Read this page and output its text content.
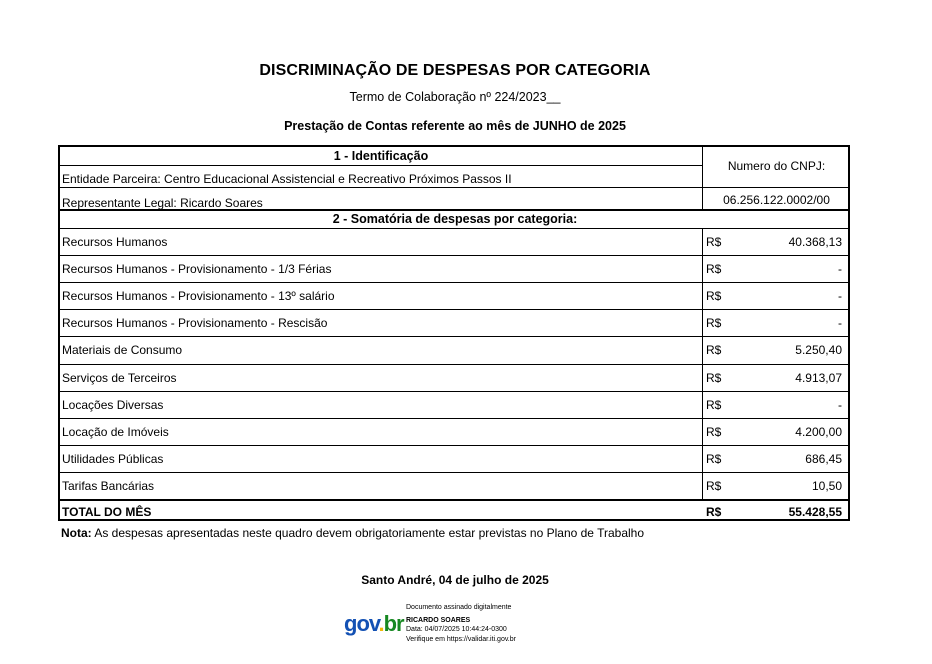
DISCRIMINAÇÃO DE DESPESAS POR CATEGORIA
Termo de Colaboração nº 224/2023__
Prestação de Contas referente ao mês de JUNHO de 2025
1 - Identificação
Entidade Parceira: Centro Educacional Assistencial e Recreativo Próximos Passos II
Representante Legal: Ricardo Soares
Numero do CNPJ:
06.256.122.0002/00
2 - Somatória de despesas por categoria:
Recursos Humanos	R$	40.368,13
Recursos Humanos - Provisionamento - 1/3 Férias	R$	-
Recursos Humanos - Provisionamento - 13º salário	R$	-
Recursos Humanos - Provisionamento - Rescisão	R$	-
Materiais de Consumo	R$	5.250,40
Serviços de Terceiros	R$	4.913,07
Locações Diversas	R$	-
Locação de Imóveis	R$	4.200,00
Utilidades Públicas	R$	686,45
Tarifas Bancárias	R$	10,50
TOTAL DO MÊS	R$	55.428,55
Nota: As despesas apresentadas neste quadro devem obrigatoriamente estar previstas no Plano de Trabalho
Santo André, 04 de julho de 2025
gov.br
Documento assinado digitalmente
RICARDO SOARES
Data: 04/07/2025 10:44:24-0300
Verifique em https://validar.iti.gov.br
